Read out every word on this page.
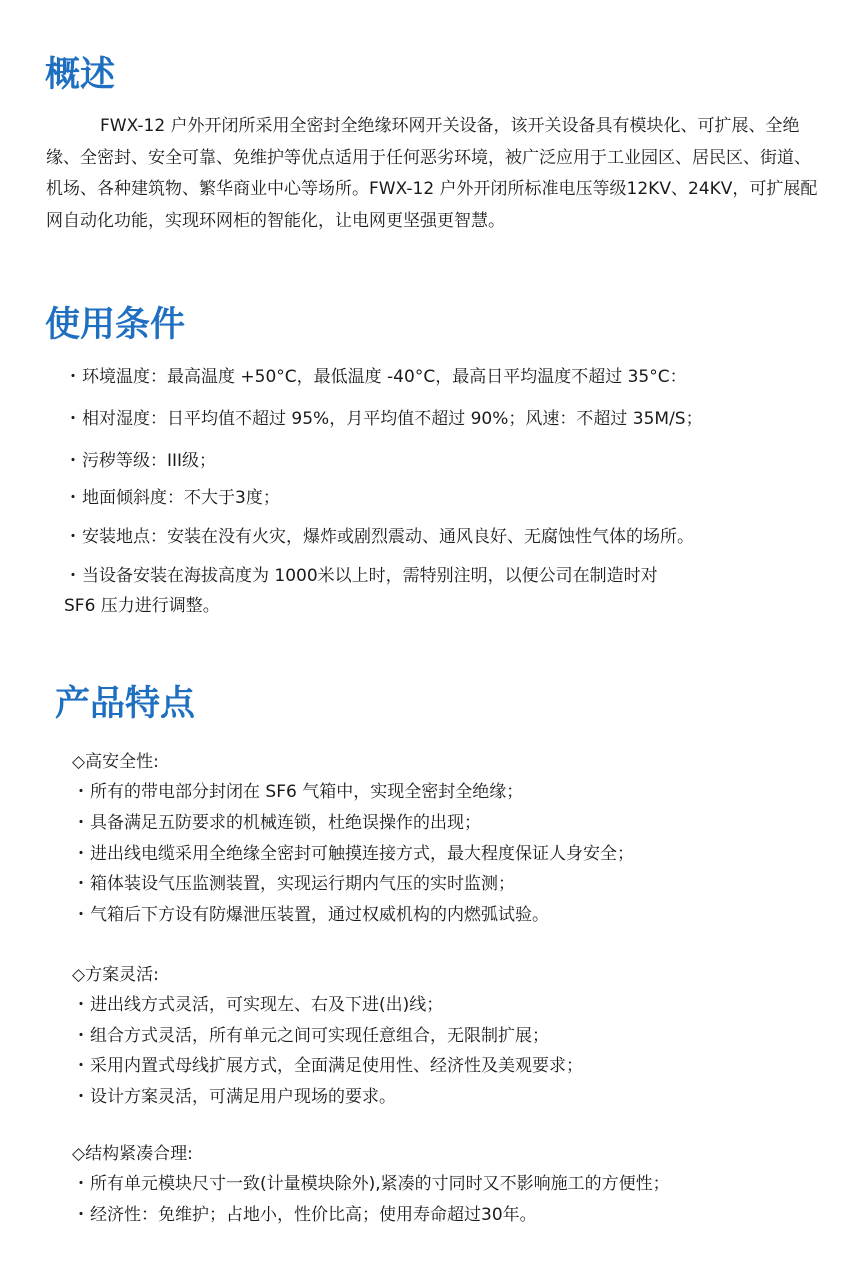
概述

FWX-12 户外开闭所采用全密封全绝缘环网开关设备，该开关设备具有模块化、可扩展、全绝缘、全密封、安全可靠、免维护等优点适用于任何恶劣环境，被广泛应用于工业园区、居民区、街道、机场、各种建筑物、繁华商业中心等场所。FWX-12 户外开闭所标准电压等级12KV、24KV，可扩展配网自动化功能，实现环网柜的智能化，让电网更坚强更智慧。

使用条件

・环境温度：最高温度 +50°C，最低温度 -40°C，最高日平均温度不超过 35°C：

・相对湿度：日平均值不超过 95%，月平均值不超过 90%；风速：不超过 35M/S；

・污秽等级：III级；

・地面倾斜度：不大于3度；

・安装地点：安装在没有火灾，爆炸或剧烈震动、通风良好、无腐蚀性气体的场所。

・当设备安装在海拔高度为 1000米以上时，需特别注明，以便公司在制造时对

SF6 压力进行调整。

产品特点

◇高安全性:

・所有的带电部分封闭在 SF6 气箱中，实现全密封全绝缘；

・具备满足五防要求的机械连锁，杜绝误操作的出现；

・进出线电缆采用全绝缘全密封可触摸连接方式，最大程度保证人身安全；

・箱体装设气压监测装置，实现运行期内气压的实时监测；

・气箱后下方设有防爆泄压装置，通过权威机构的内燃弧试验。

◇方案灵活:

・进出线方式灵活，可实现左、右及下进(出)线；

・组合方式灵活，所有单元之间可实现任意组合，无限制扩展；

・采用内置式母线扩展方式，全面满足使用性、经济性及美观要求；

・设计方案灵活，可满足用户现场的要求。

◇结构紧凑合理:

・所有单元模块尺寸一致(计量模块除外),紧凑的寸同时又不影响施工的方便性；

・经济性：免维护；占地小，性价比高；使用寿命超过30年。
